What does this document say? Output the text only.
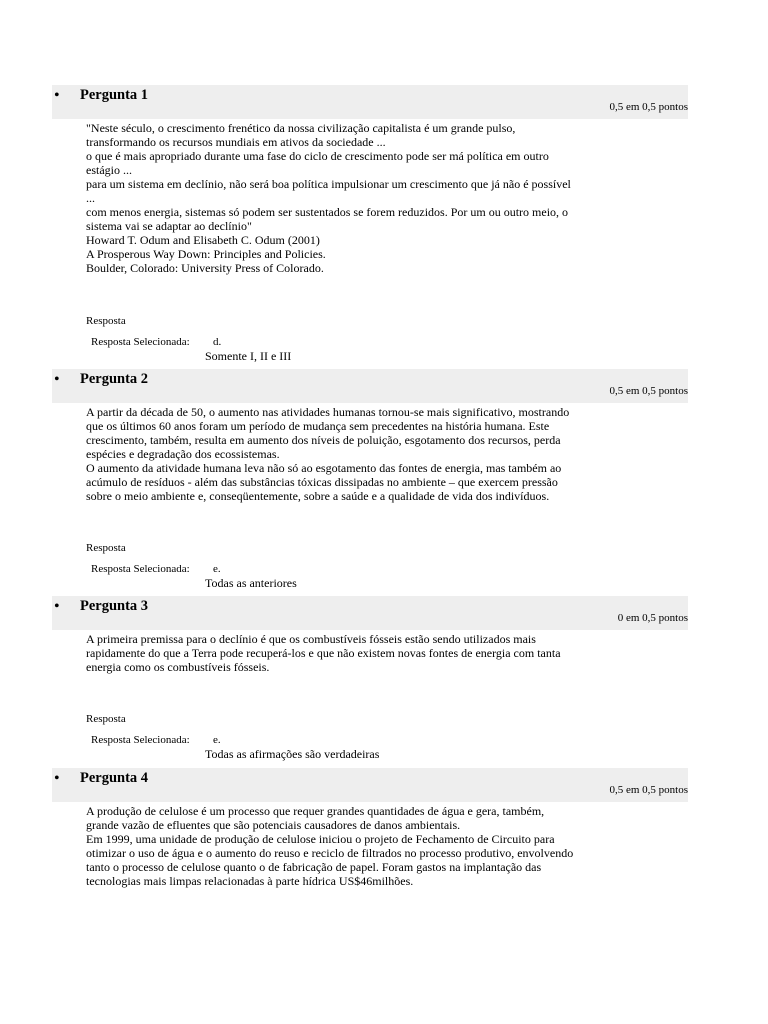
• Pergunta 1
0,5 em 0,5 pontos

"Neste século, o crescimento frenético da nossa civilização capitalista é um grande pulso,

transformando os recursos mundiais em ativos da sociedade ...

o que é mais apropriado durante uma fase do ciclo de crescimento pode ser má política em outro

estágio ...

para um sistema em declínio, não será boa política impulsionar um crescimento que já não é possível

...

com menos energia, sistemas só podem ser sustentados se forem reduzidos. Por um ou outro meio, o

sistema vai se adaptar ao declínio"

Howard T. Odum and Elisabeth C. Odum (2001)

A Prosperous Way Down: Principles and Policies.

Boulder, Colorado: University Press of Colorado.

Resposta
Resposta Selecionada: d.
Somente I, II e III
• Pergunta 2
0,5 em 0,5 pontos

A partir da década de 50, o aumento nas atividades humanas tornou-se mais significativo, mostrando

que os últimos 60 anos foram um período de mudança sem precedentes na história humana. Este

crescimento, também, resulta em aumento dos níveis de poluição, esgotamento dos recursos, perda

espécies e degradação dos ecossistemas.

O aumento da atividade humana leva não só ao esgotamento das fontes de energia, mas também ao

acúmulo de resíduos - além das substâncias tóxicas dissipadas no ambiente – que exercem pressão

sobre o meio ambiente e, conseqüentemente, sobre a saúde e a qualidade de vida dos indivíduos.

Resposta
Resposta Selecionada: e.
Todas as anteriores
• Pergunta 3
0 em 0,5 pontos

A primeira premissa para o declínio é que os combustíveis fósseis estão sendo utilizados mais

rapidamente do que a Terra pode recuperá-los e que não existem novas fontes de energia com tanta

energia como os combustíveis fósseis.

Resposta
Resposta Selecionada: e.
Todas as afirmações são verdadeiras
• Pergunta 4
0,5 em 0,5 pontos

A produção de celulose é um processo que requer grandes quantidades de água e gera, também,

grande vazão de efluentes que são potenciais causadores de danos ambientais.

Em 1999, uma unidade de produção de celulose iniciou o projeto de Fechamento de Circuito para

otimizar o uso de água e o aumento do reuso e reciclo de filtrados no processo produtivo, envolvendo

tanto o processo de celulose quanto o de fabricação de papel. Foram gastos na implantação das

tecnologias mais limpas relacionadas à parte hídrica US$46milhões.
